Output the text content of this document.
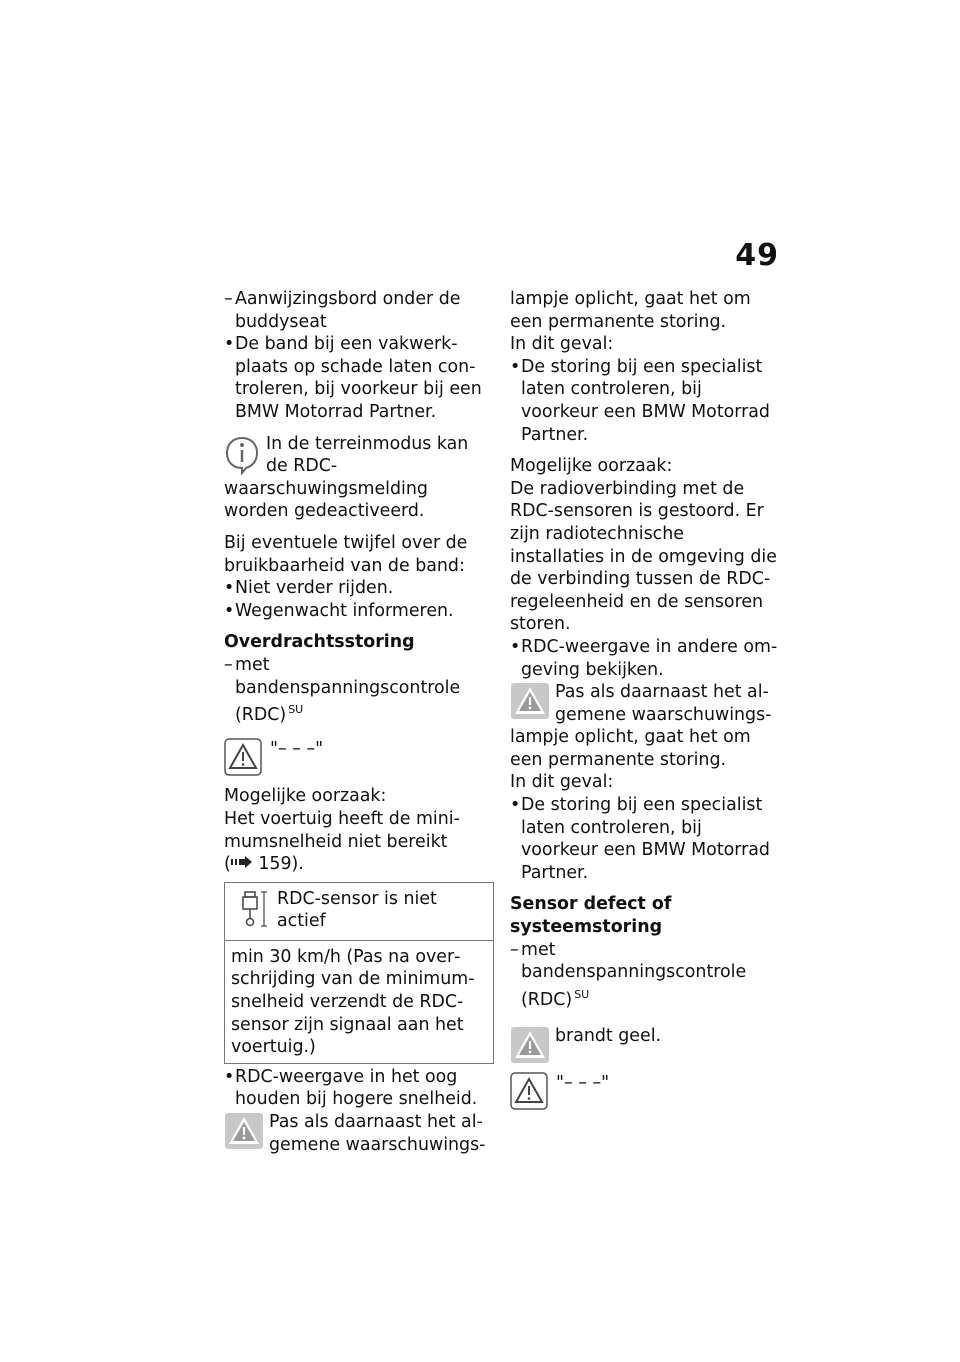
49

– Aanwijzingsbord onder de buddyseat

• De band bij een vakwerkplaats op schade laten controleren, bij voorkeur bij een BMW Motorrad Partner.

In de terreinmodus kan de RDC-waarschuwingsmelding worden gedeactiveerd.

Bij eventuele twijfel over de bruikbaarheid van de band:

• Niet verder rijden.

• Wegenwacht informeren.

Overdrachtsstoring

– met bandenspanningscontrole (RDC) $^{SU}$

"– – –"

Mogelijke oorzaak:

Het voertuig heeft de minimumsnelheid niet bereikt

( 159).

RDC-sensor is niet actief
min 30 km/h (Pas na overschrijding van de minimumsnelheid verzendt de RDC-sensor zijn signaal aan het voertuig.)

• RDC-weergave in het oog houden bij hogere snelheid.

Pas als daarnaast het algemene waarschuwings-

lampje oplicht, gaat het om een permanente storing.

In dit geval:

• De storing bij een specialist laten controleren, bij voorkeur een BMW Motorrad Partner.

Mogelijke oorzaak:

De radioverbinding met de RDC-sensoren is gestoord. Er zijn radiotechnische installaties in de omgeving die de verbinding tussen de RDC-regeleenheid en de sensoren storen.

• RDC-weergave in andere omgeving bekijken.

Pas als daarnaast het algemene waarschuwingslampje oplicht, gaat het om een permanente storing.

In dit geval:

• De storing bij een specialist laten controleren, bij voorkeur een BMW Motorrad Partner.

Sensor defect of systeemstoring

– met bandenspanningscontrole (RDC) $^{SU}$

brandt geel.
"– – –"
